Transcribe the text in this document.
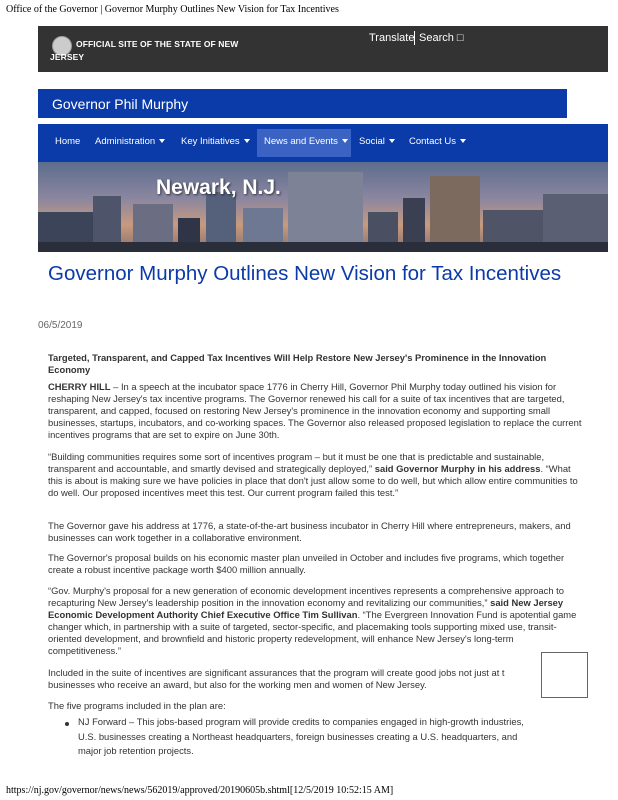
Office of the Governor | Governor Murphy Outlines New Vision for Tax Incentives
OFFICIAL SITE OF THE STATE OF NEW JERSEY
Translate Search □
Governor Phil Murphy
Home Administration	Key Initiatives	News and Events	Social	Contact Us
Newark, N.J.
Governor Murphy Outlines New Vision for Tax Incentives
06/5/2019
Targeted, Transparent, and Capped Tax Incentives Will Help Restore New Jersey's Prominence in the Innovation Economy
CHERRY HILL – In a speech at the incubator space 1776 in Cherry Hill, Governor Phil Murphy today outlined his vision for reshaping New Jersey's tax incentive programs. The Governor renewed his call for a suite of tax incentives that are targeted, transparent, and capped, focused on restoring New Jersey's prominence in the innovation economy and supporting small businesses, startups, incubators, and co-working spaces. The Governor also released proposed legislation to replace the current incentives programs that are set to expire on June 30th.
“Building communities requires some sort of incentives program – but it must be one that is predictable and sustainable, transparent and accountable, and smartly devised and strategically deployed,” said Governor Murphy in his address. “What this is about is making sure we have policies in place that don't just allow some to do well, but which allow entire communities to do well. Our proposed incentives meet this test. Our current program failed this test.”
The Governor gave his address at 1776, a state-of-the-art business incubator in Cherry Hill where entrepreneurs, makers, and businesses can work together in a collaborative environment.
The Governor's proposal builds on his economic master plan unveiled in October and includes five programs, which together create a robust incentive package worth $400 million annually.
“Gov. Murphy's proposal for a new generation of economic development incentives represents a comprehensive approach to recapturing New Jersey's leadership position in the innovation economy and revitalizing our communities,” said New Jersey Economic Development Authority Chief Executive Office Tim Sullivan. “The Evergreen Innovation Fund is apotential game changer which, in partnership with a suite of targeted, sector-specific, and placemaking tools supporting mixed use, transit-oriented development, and brownfield and historic property redevelopment, will enhance New Jersey's long-term competitiveness.”
Included in the suite of incentives are significant assurances that the program will create good jobs not just at t
businesses who receive an award, but also for the working men and women of New Jersey.
The five programs included in the plan are:
NJ Forward – This jobs-based program will provide credits to companies engaged in high-growth industries, U.S. businesses creating a Northeast headquarters, foreign businesses creating a U.S. headquarters, and major job retention projects.
https://nj.gov/governor/news/news/562019/approved/20190605b.shtml[12/5/2019 10:52:15 AM]
